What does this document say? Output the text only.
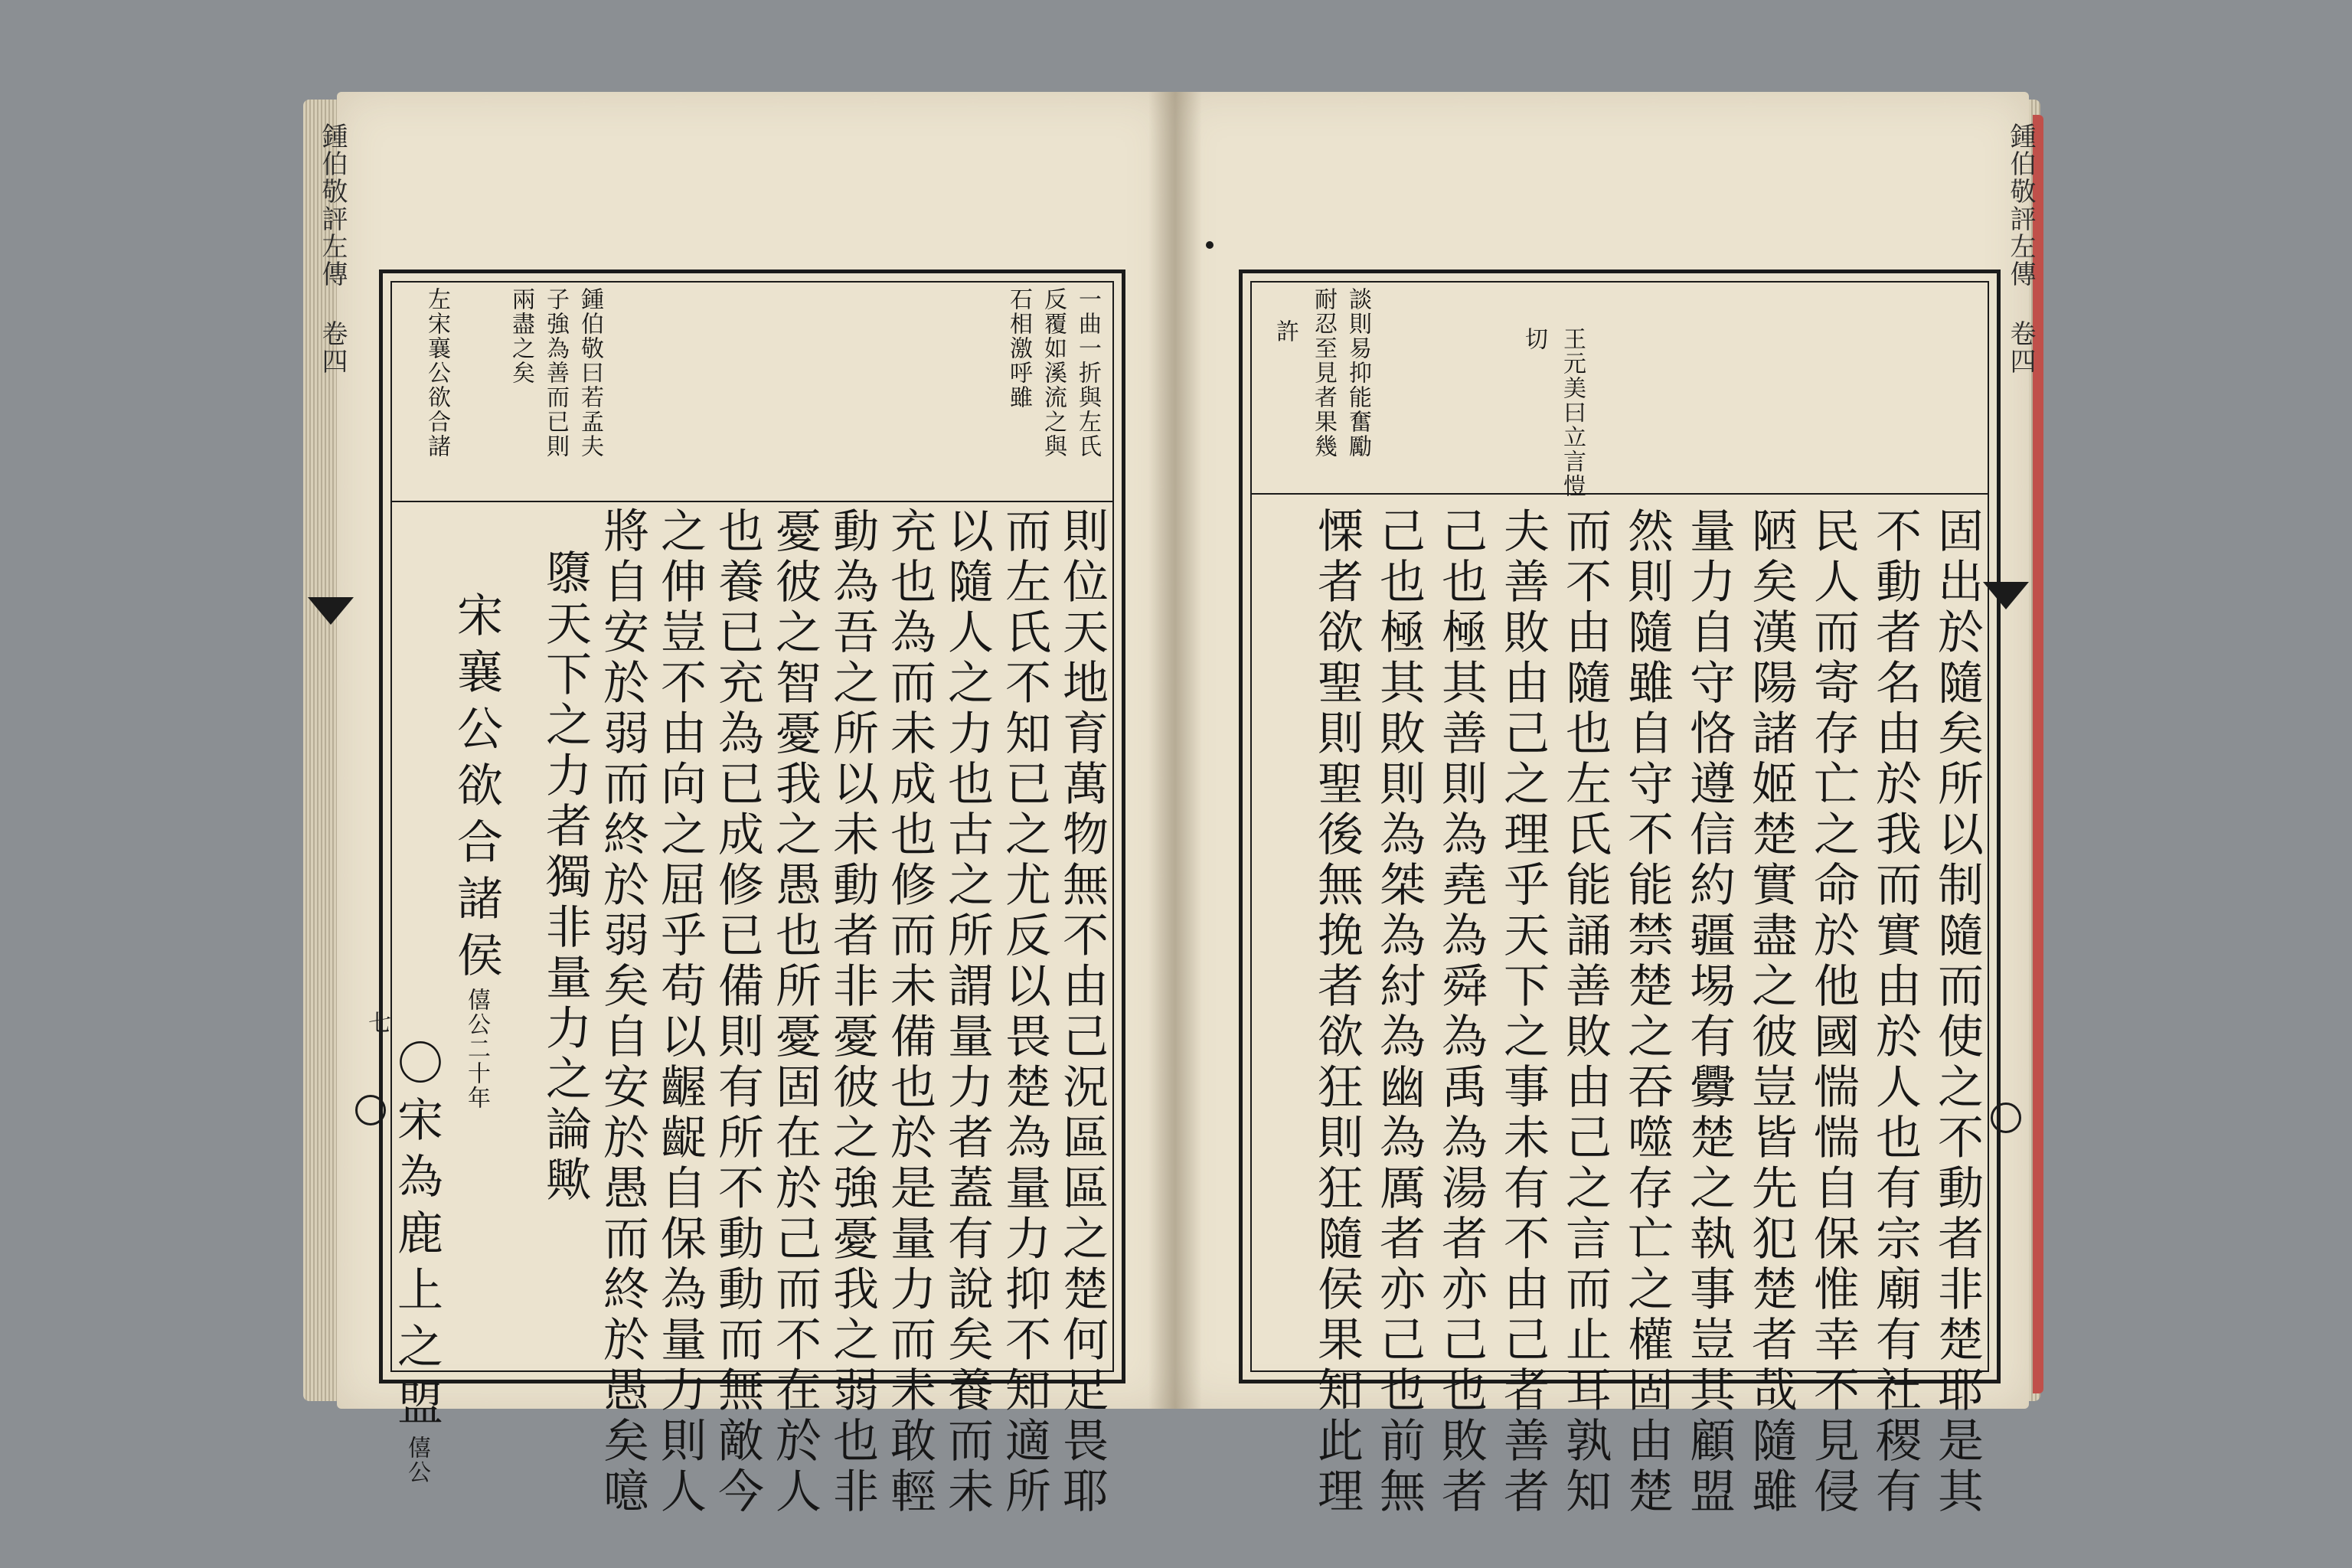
鍾伯敬評左傳 卷四
七
一曲一折與左氏
反覆如溪流之與
石相激呼雖
鍾伯敬曰若孟夫
子強為善而已則
兩盡之矣
左宋襄公欲合諸
則位天地育萬物無不由己況區區之楚何足畏耶
而左氏不知已之尤反以畏楚為量力抑不知適所
以隨人之力也古之所謂量力者蓋有說矣養而未
充也為而未成也修而未備也於是量力而未敢輕
動為吾之所以未動者非憂彼之強憂我之弱也非
憂彼之智憂我之愚也所憂固在於己而不在於人
也養已充為已成修已備則有所不動動而無敵今
之伸豈不由向之屈乎苟以齷齪自保為量力則人
將自安於弱而終於弱矣自安於愚而終於愚矣噫
隳天下之力者獨非量力之論歟
宋襄公欲合諸侯僖公二十年
〇宋為鹿上之盟僖公
王元美曰立言愷
切
談則易抑能奮勵
耐忍至見者果幾
許
固出於隨矣所以制隨而使之不動者非楚耶是其
不動者名由於我而實由於人也有宗廟有社稷有
民人而寄存亡之命於他國惴惴自保惟幸不見侵
陋矣漢陽諸姬楚實盡之彼豈皆先犯楚者哉隨雖
量力自守恪遵信約疆埸有釁楚之執事豈其顧盟
然則隨雖自守不能禁楚之吞噬存亡之權固由楚
而不由隨也左氏能誦善敗由己之言而止耳孰知
夫善敗由己之理乎天下之事未有不由己者善者
己也極其善則為堯為舜為禹為湯者亦己也敗者
己也極其敗則為桀為紂為幽為厲者亦己也前無
慄者欲聖則聖後無挽者欲狂則狂隨侯果知此理
鍾伯敬評左傳 卷四
